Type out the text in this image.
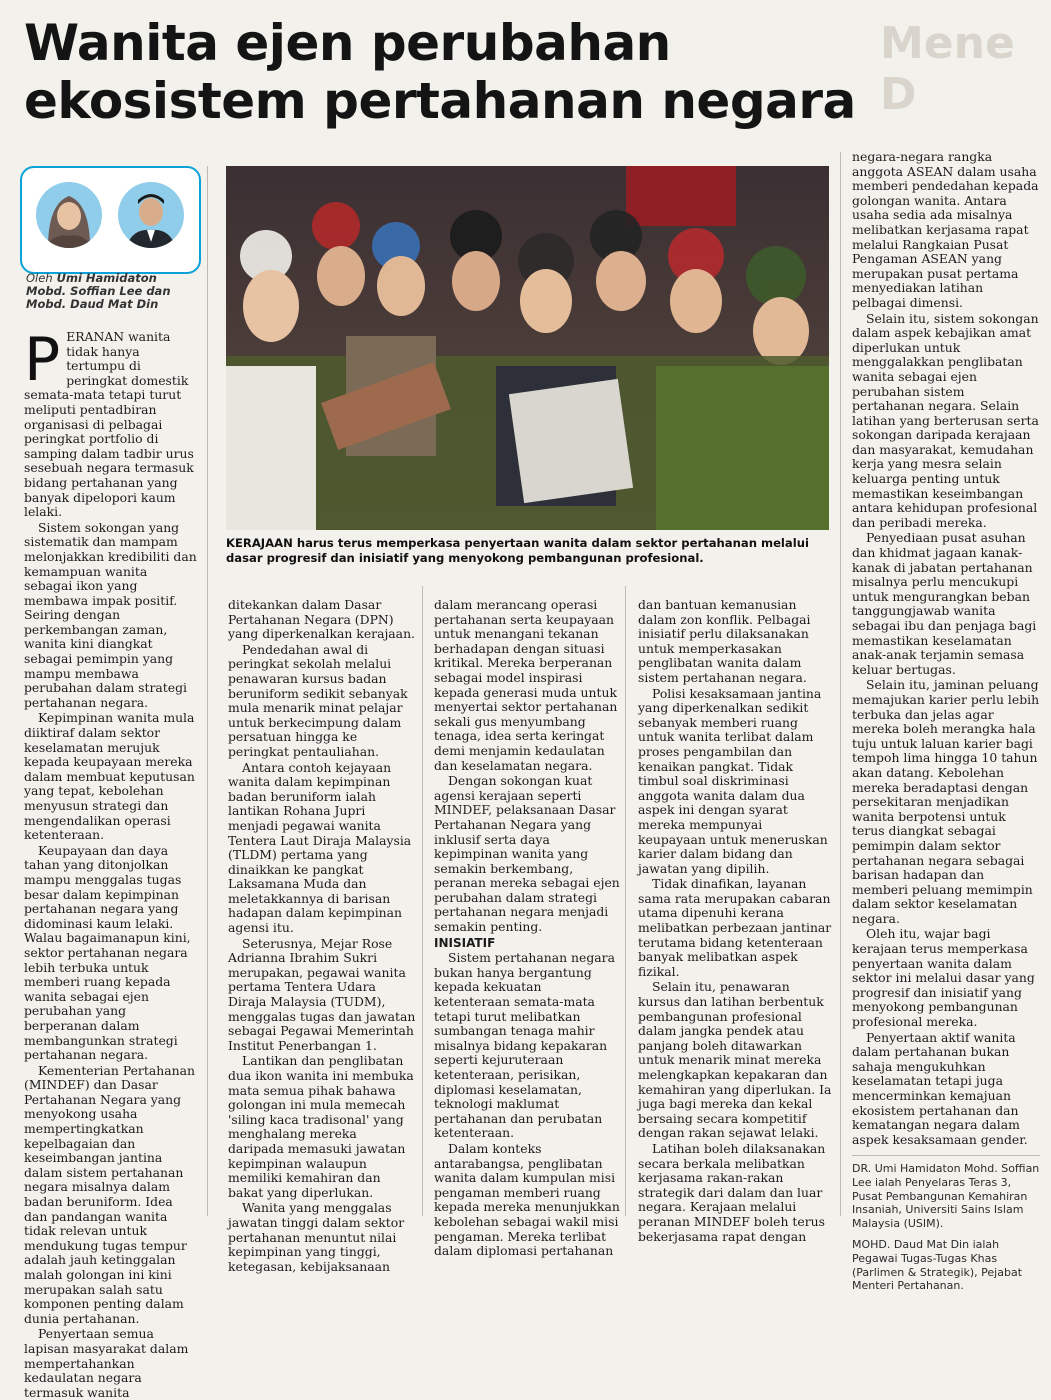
Wanita ejen perubahan
ekosistem pertahanan negara
Mene
D
Oleh Umi Hamidaton Mobd. Soffian Lee dan Mobd. Daud Mat Din
KERAJAAN harus terus memperkasa penyertaan wanita dalam sektor pertahanan melalui dasar progresif dan inisiatif yang menyokong pembangunan profesional.

PERANAN wanita tidak hanya tertumpu di peringkat domestik semata-mata tetapi turut meliputi pentadbiran organisasi di pelbagai peringkat portfolio di samping dalam tadbir urus sesebuah negara termasuk bidang pertahanan yang banyak dipelopori kaum lelaki.

Sistem sokongan yang sistematik dan mampam melonjakkan kredibiliti dan kemampuan wanita sebagai ikon yang membawa impak positif. Seiring dengan perkembangan zaman, wanita kini diangkat sebagai pemimpin yang mampu membawa perubahan dalam strategi pertahanan negara.

Kepimpinan wanita mula diiktiraf dalam sektor keselamatan merujuk kepada keupayaan mereka dalam membuat keputusan yang tepat, kebolehan menyusun strategi dan mengendalikan operasi ketenteraan.

Keupayaan dan daya tahan yang ditonjolkan mampu menggalas tugas besar dalam kepimpinan pertahanan negara yang didominasi kaum lelaki. Walau bagaimanapun kini, sektor pertahanan negara lebih terbuka untuk memberi ruang kepada wanita sebagai ejen perubahan yang berperanan dalam membangunkan strategi pertahanan negara.

Kementerian Pertahanan (MINDEF) dan Dasar Pertahanan Negara yang menyokong usaha mempertingkatkan kepelbagaian dan keseimbangan jantina dalam sistem pertahanan negara misalnya dalam badan beruniform. Idea dan pandangan wanita tidak relevan untuk mendukung tugas tempur adalah jauh ketinggalan malah golongan ini kini merupakan salah satu komponen penting dalam dunia pertahanan.

Penyertaan semua lapisan masyarakat dalam mempertahankan kedaulatan negara termasuk wanita

ditekankan dalam Dasar Pertahanan Negara (DPN) yang diperkenalkan kerajaan.

Pendedahan awal di peringkat sekolah melalui penawaran kursus badan beruniform sedikit sebanyak mula menarik minat pelajar untuk berkecimpung dalam persatuan hingga ke peringkat pentauliahan.

Antara contoh kejayaan wanita dalam kepimpinan badan beruniform ialah lantikan Rohana Jupri menjadi pegawai wanita Tentera Laut Diraja Malaysia (TLDM) pertama yang dinaikkan ke pangkat Laksamana Muda dan meletakkannya di barisan hadapan dalam kepimpinan agensi itu.

Seterusnya, Mejar Rose Adrianna Ibrahim Sukri merupakan, pegawai wanita pertama Tentera Udara Diraja Malaysia (TUDM), menggalas tugas dan jawatan sebagai Pegawai Memerintah Institut Penerbangan 1.

Lantikan dan penglibatan dua ikon wanita ini membuka mata semua pihak bahawa golongan ini mula memecah 'siling kaca tradisonal' yang menghalang mereka daripada memasuki jawatan kepimpinan walaupun memiliki kemahiran dan bakat yang diperlukan.

Wanita yang menggalas jawatan tinggi dalam sektor pertahanan menuntut nilai kepimpinan yang tinggi, ketegasan, kebijaksanaan

dalam merancang operasi pertahanan serta keupayaan untuk menangani tekanan berhadapan dengan situasi kritikal. Mereka berperanan sebagai model inspirasi kepada generasi muda untuk menyertai sektor pertahanan sekali gus menyumbang tenaga, idea serta keringat demi menjamin kedaulatan dan keselamatan negara.

Dengan sokongan kuat agensi kerajaan seperti MINDEF, pelaksanaan Dasar Pertahanan Negara yang inklusif serta daya kepimpinan wanita yang semakin berkembang, peranan mereka sebagai ejen perubahan dalam strategi pertahanan negara menjadi semakin penting.

INISIATIF

Sistem pertahanan negara bukan hanya bergantung kepada kekuatan ketenteraan semata-mata tetapi turut melibatkan sumbangan tenaga mahir misalnya bidang kepakaran seperti kejuruteraan ketenteraan, perisikan, diplomasi keselamatan, teknologi maklumat pertahanan dan perubatan ketenteraan.

Dalam konteks antarabangsa, penglibatan wanita dalam kumpulan misi pengaman memberi ruang kepada mereka menunjukkan kebolehan sebagai wakil misi pengaman. Mereka terlibat dalam diplomasi pertahanan

dan bantuan kemanusian dalam zon konflik. Pelbagai inisiatif perlu dilaksanakan untuk memperkasakan penglibatan wanita dalam sistem pertahanan negara.

Polisi kesaksamaan jantina yang diperkenalkan sedikit sebanyak memberi ruang untuk wanita terlibat dalam proses pengambilan dan kenaikan pangkat. Tidak timbul soal diskriminasi anggota wanita dalam dua aspek ini dengan syarat mereka mempunyai keupayaan untuk meneruskan karier dalam bidang dan jawatan yang dipilih.

Tidak dinafikan, layanan sama rata merupakan cabaran utama dipenuhi kerana melibatkan perbezaan jantinar terutama bidang ketenteraan banyak melibatkan aspek fizikal.

Selain itu, penawaran kursus dan latihan berbentuk pembangunan profesional dalam jangka pendek atau panjang boleh ditawarkan untuk menarik minat mereka melengkapkan kepakaran dan kemahiran yang diperlukan. Ia juga bagi mereka dan kekal bersaing secara kompetitif dengan rakan sejawat lelaki.

Latihan boleh dilaksanakan secara berkala melibatkan kerjasama rakan-rakan strategik dari dalam dan luar negara. Kerajaan melalui peranan MINDEF boleh terus bekerjasama rapat dengan

negara-negara rangka anggota ASEAN dalam usaha memberi pendedahan kepada golongan wanita. Antara usaha sedia ada misalnya melibatkan kerjasama rapat melalui Rangkaian Pusat Pengaman ASEAN yang merupakan pusat pertama menyediakan latihan pelbagai dimensi.

Selain itu, sistem sokongan dalam aspek kebajikan amat diperlukan untuk menggalakkan penglibatan wanita sebagai ejen perubahan sistem pertahanan negara. Selain latihan yang berterusan serta sokongan daripada kerajaan dan masyarakat, kemudahan kerja yang mesra selain keluarga penting untuk memastikan keseimbangan antara kehidupan profesional dan peribadi mereka.

Penyediaan pusat asuhan dan khidmat jagaan kanak-kanak di jabatan pertahanan misalnya perlu mencukupi untuk mengurangkan beban tanggungjawab wanita sebagai ibu dan penjaga bagi memastikan keselamatan anak-anak terjamin semasa keluar bertugas.

Selain itu, jaminan peluang memajukan karier perlu lebih terbuka dan jelas agar mereka boleh merangka hala tuju untuk laluan karier bagi tempoh lima hingga 10 tahun akan datang. Kebolehan mereka beradaptasi dengan persekitaran menjadikan wanita berpotensi untuk terus diangkat sebagai pemimpin dalam sektor pertahanan negara sebagai barisan hadapan dan memberi peluang memimpin dalam sektor keselamatan negara.

Oleh itu, wajar bagi kerajaan terus memperkasa penyertaan wanita dalam sektor ini melalui dasar yang progresif dan inisiatif yang menyokong pembangunan profesional mereka.

Penyertaan aktif wanita dalam pertahanan bukan sahaja mengukuhkan keselamatan tetapi juga mencerminkan kemajuan ekosistem pertahanan dan kematangan negara dalam aspek kesaksamaan gender.

DR. Umi Hamidaton Mohd. Soffian Lee ialah Penyelaras Teras 3, Pusat Pembangunan Kemahiran Insaniah, Universiti Sains Islam Malaysia (USIM).

MOHD. Daud Mat Din ialah Pegawai Tugas-Tugas Khas (Parlimen & Strategik), Pejabat Menteri Pertahanan.
